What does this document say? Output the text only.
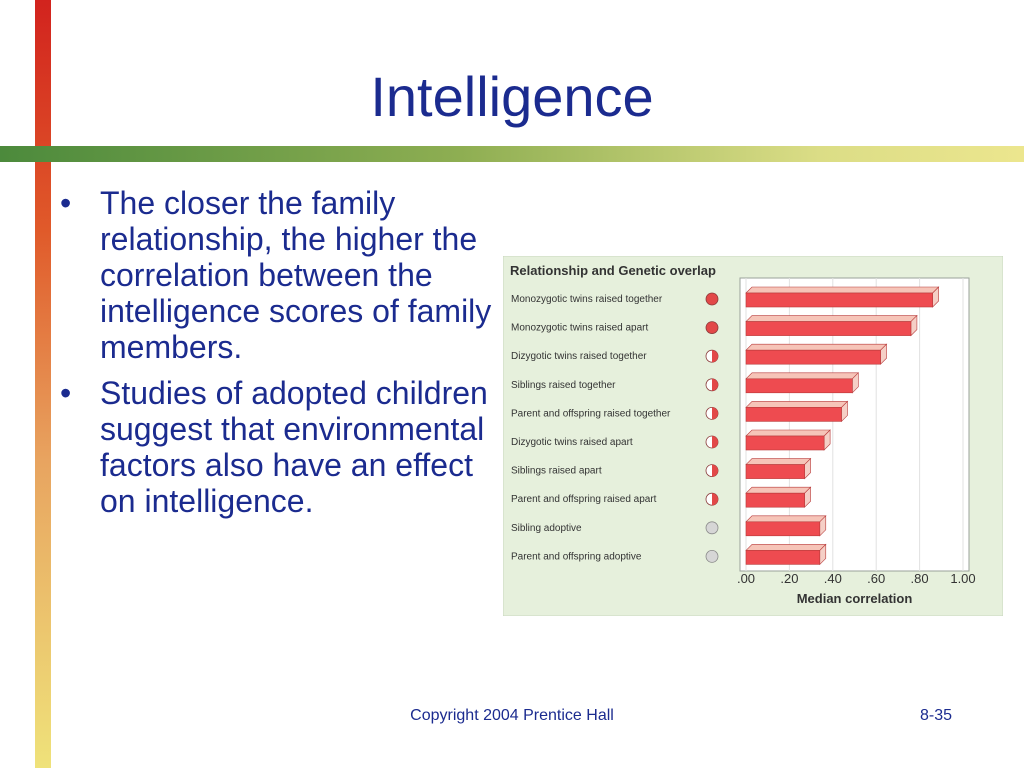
Intelligence
• The closer the family relationship, the higher the correlation between the intelligence scores of family members.
• Studies of adopted children suggest that environmental factors also have an effect on intelligence.
Relationship and Genetic overlap
Monozygotic twins raised together
Monozygotic twins raised apart
Dizygotic twins raised together
Siblings raised together
Parent and offspring raised together
Dizygotic twins raised apart
Siblings raised apart
Parent and offspring raised apart
Sibling adoptive
Parent and offspring adoptive
.00 .20 .40 .60 .80 1.00
Median correlation
Copyright 2004 Prentice Hall	8-35
